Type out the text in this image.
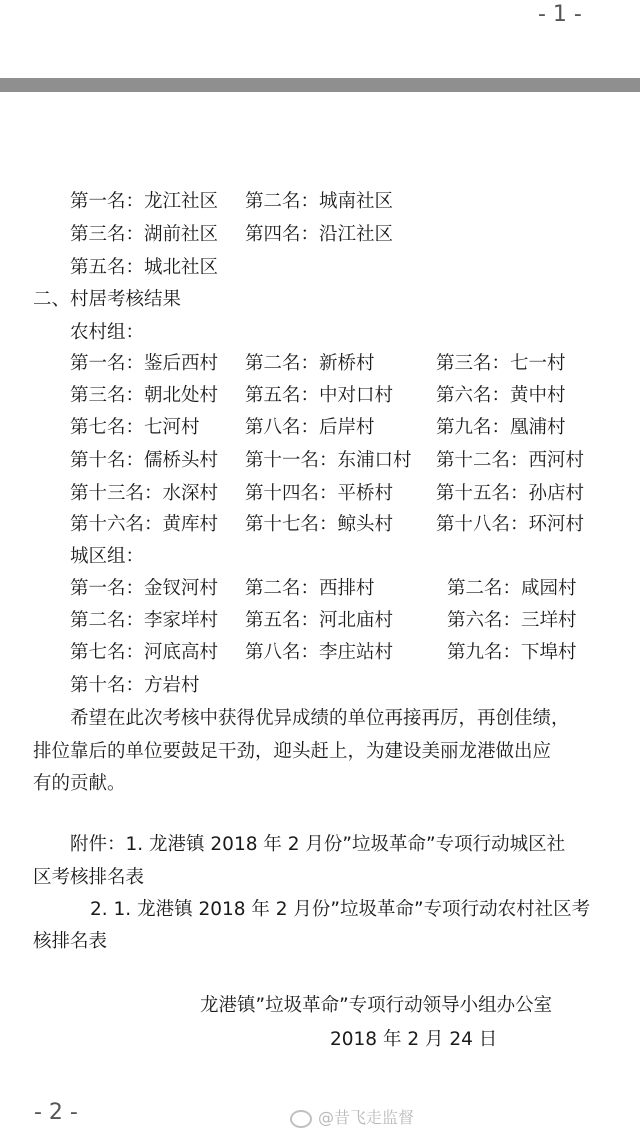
- 1 -
第一名：龙江社区 第二名：城南社区
第三名：湖前社区 第四名：沿江社区
第五名：城北社区
二、村居考核结果
农村组：
第一名：鉴后西村 第二名：新桥村	第三名：七一村
第三名：朝北处村 第五名：中对口村 第六名：黄中村
第七名：七河村 第八名：后岸村	第九名：凰浦村
第十名：儒桥头村 第十一名：东浦口村 第十二名：西河村
第十三名：水深村 第十四名：平桥村 第十五名：孙店村
第十六名：黄库村 第十七名：鲸头村 第十八名：环河村
城区组：
第一名：金钗河村 第二名：西排村	第二名：咸园村
第二名：李家垟村 第五名：河北庙村	第六名：三垟村
第七名：河底高村 第八名：李庄站村	第九名：下埠村
第十名：方岩村
希望在此次考核中获得优异成绩的单位再接再厉，再创佳绩，
排位靠后的单位要鼓足干劲，迎头赶上，为建设美丽龙港做出应
有的贡献。
附件：1. 龙港镇 2018 年 2 月份”垃圾革命”专项行动城区社
区考核排名表
2. 1. 龙港镇 2018 年 2 月份”垃圾革命”专项行动农村社区考
核排名表
龙港镇”垃圾革命”专项行动领导小组办公室
2018 年 2 月 24 日
- 2 -	@昔飞走监督
